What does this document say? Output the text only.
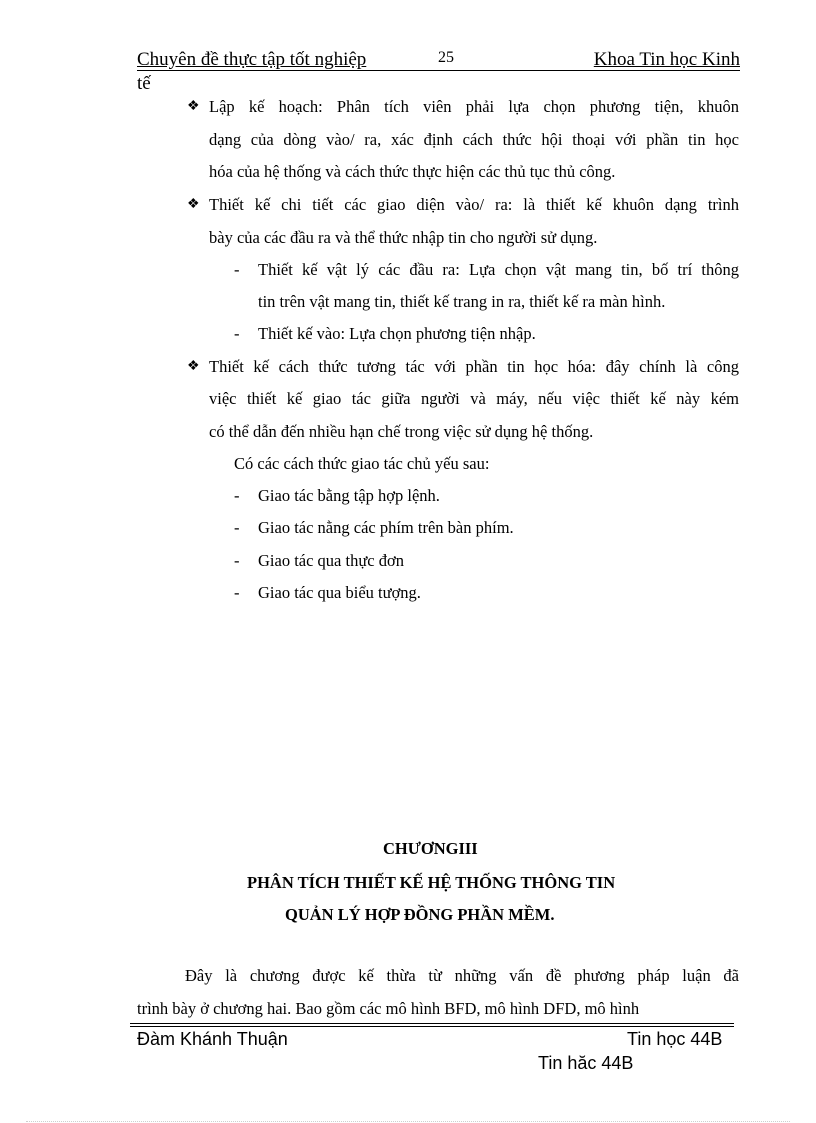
Chuyên đề thực tập tốt nghiệp	25	Khoa Tin học Kinh
tế
❖ Lập kế hoạch: Phân tích viên phải lựa chọn phương tiện, khuôn
dạng của dòng vào/ ra, xác định cách thức hội thoại với phần tin học
hóa của hệ thống và cách thức thực hiện các thủ tục thủ công.
❖ Thiết kế chi tiết các giao diện vào/ ra: là thiết kế khuôn dạng trình
bày của các đầu ra và thể thức nhập tin cho người sử dụng.
- Thiết kế vật lý các đầu ra: Lựa chọn vật mang tin, bố trí thông
tin trên vật mang tin, thiết kế trang in ra, thiết kế ra màn hình.
- Thiết kế vào: Lựa chọn phương tiện nhập.
❖ Thiết kế cách thức tương tác với phần tin học hóa: đây chính là công
việc thiết kế giao tác giữa người và máy, nếu việc thiết kế này kém
có thể dẫn đến nhiều hạn chế trong việc sử dụng hệ thống.
Có các cách thức giao tác chủ yếu sau:
- Giao tác bằng tập hợp lệnh.
- Giao tác nằng các phím trên bàn phím.
- Giao tác qua thực đơn
- Giao tác qua biểu tượng.
CHƯƠNGIII
PHÂN TÍCH THIẾT KẾ HỆ THỐNG THÔNG TIN
QUẢN LÝ HỢP ĐỒNG PHẦN MỀM.
Đây là chương được kế thừa từ những vấn đề phương pháp luận đã
trình bày ở chương hai. Bao gồm các mô hình BFD, mô hình DFD, mô hình
Đàm Khánh Thuận	Tin học 44B
Tin hăc 44B
